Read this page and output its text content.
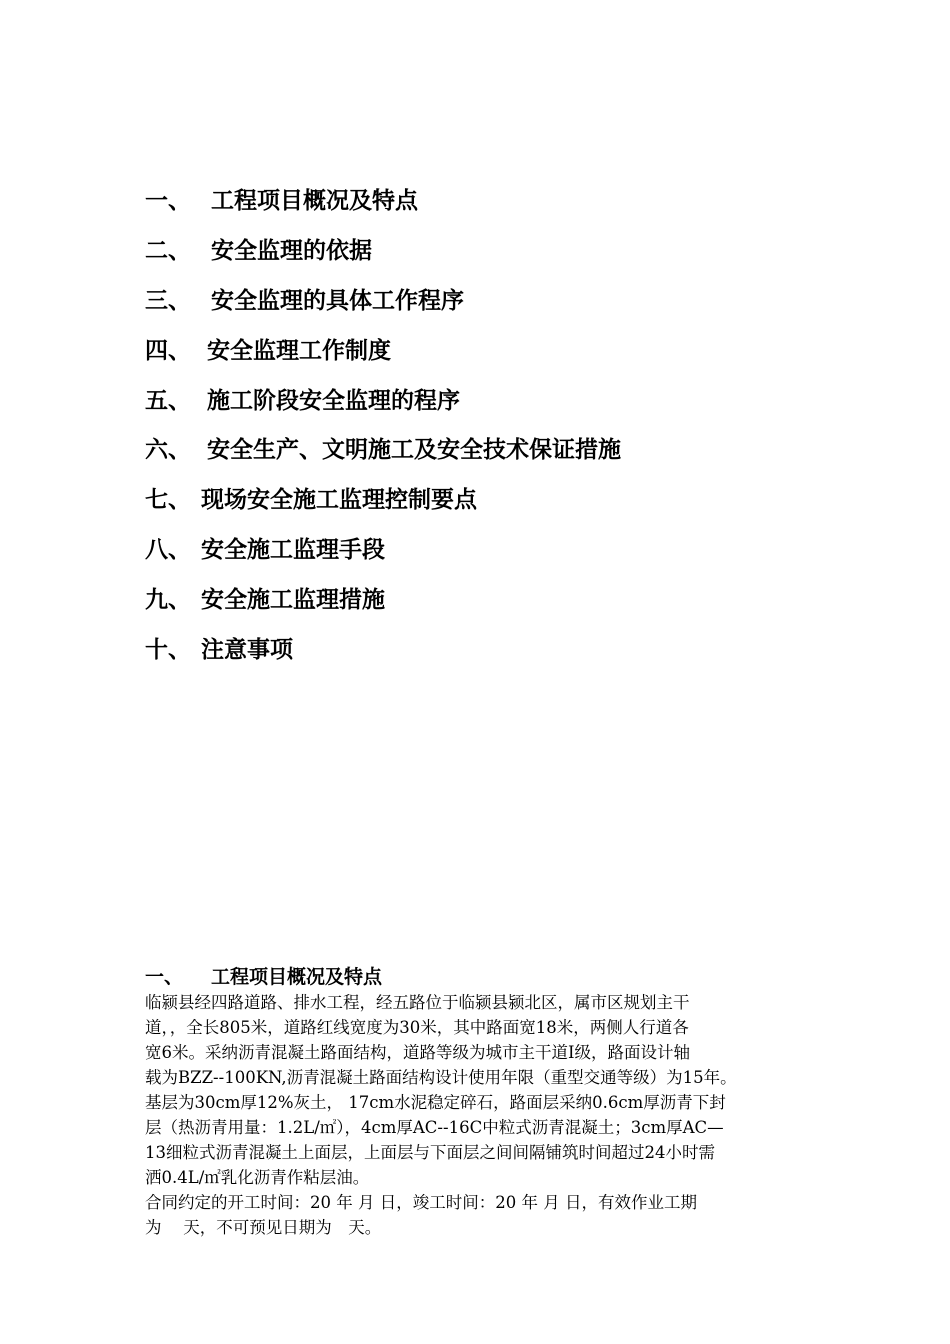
一、 工程项目概况及特点
二、 安全监理的依据
三、 安全监理的具体工作程序
四、 安全监理工作制度
五、 施工阶段安全监理的程序
六、 安全生产、文明施工及安全技术保证措施
七、 现场安全施工监理控制要点
八、 安全施工监理手段
九、 安全施工监理措施
十、 注意事项
一、	工程项目概况及特点

临颍县经四路道路、排水工程，经五路位于临颍县颍北区，属市区规划主干
道，，全长805米，道路红线宽度为30米，其中路面宽18米，两侧人行道各
宽6米。采纳沥青混凝土路面结构，道路等级为城市主干道Ⅰ级，路面设计轴
载为BZZ--100KN,沥青混凝土路面结构设计使用年限（重型交通等级）为15年。
基层为30cm厚12%灰土， 17cm水泥稳定碎石，路面层采纳0.6cm厚沥青下封
层（热沥青用量：1.2L/㎡），4cm厚AC--16C中粒式沥青混凝土；3cm厚AC—
13细粒式沥青混凝土上面层，上面层与下面层之间间隔铺筑时间超过24小时需
洒0.4L/㎡乳化沥青作粘层油。

合同约定的开工时间：20 年 月 日，竣工时间：20 年 月 日，有效作业工期
为　 天，不可预见日期为　天。
